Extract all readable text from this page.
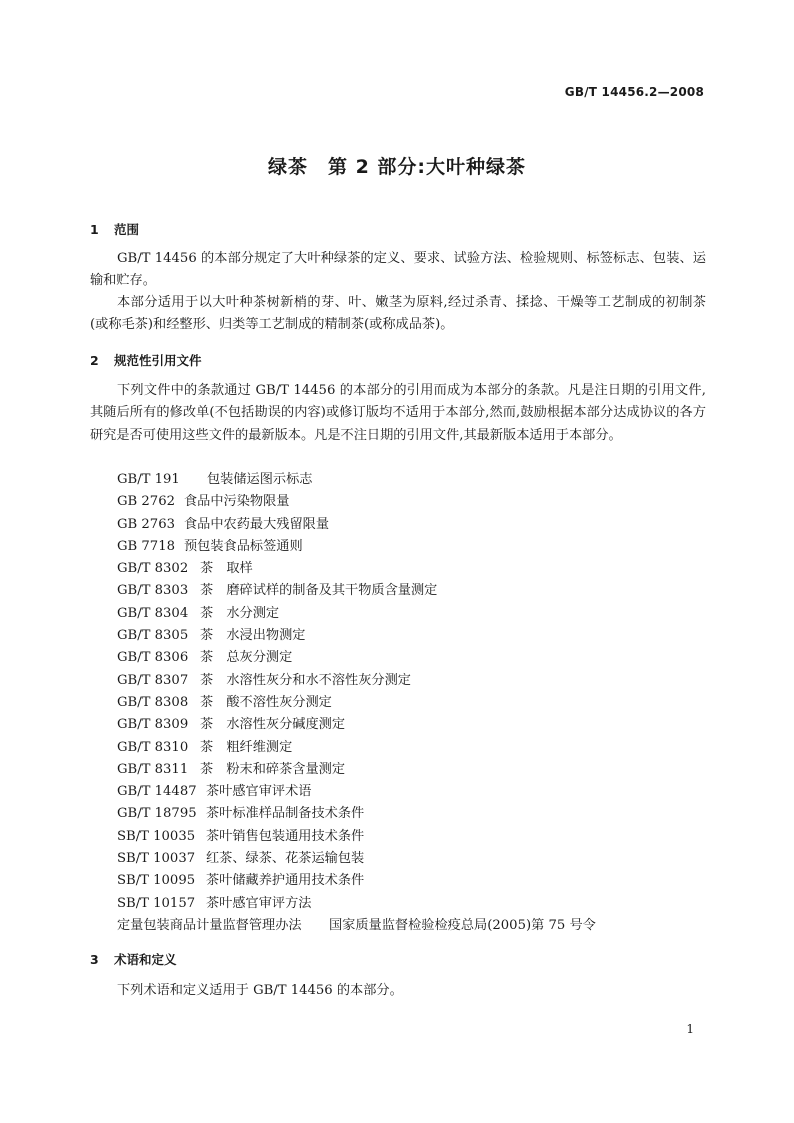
GB/T 14456.2—2008
绿茶　第 2 部分:大叶种绿茶
1 范围
GB/T 14456 的本部分规定了大叶种绿茶的定义、要求、试验方法、检验规则、标签标志、包装、运输和贮存。
本部分适用于以大叶种茶树新梢的芽、叶、嫩茎为原料,经过杀青、揉捻、干燥等工艺制成的初制茶(或称毛茶)和经整形、归类等工艺制成的精制茶(或称成品茶)。
2 规范性引用文件
下列文件中的条款通过 GB/T 14456 的本部分的引用而成为本部分的条款。凡是注日期的引用文件,其随后所有的修改单(不包括勘误的内容)或修订版均不适用于本部分,然而,鼓励根据本部分达成协议的各方研究是否可使用这些文件的最新版本。凡是不注日期的引用文件,其最新版本适用于本部分。
GB/T 191 包装储运图示标志
GB 2762 食品中污染物限量
GB 2763 食品中农药最大残留限量
GB 7718 预包装食品标签通则
GB/T 8302 茶　取样
GB/T 8303 茶　磨碎试样的制备及其干物质含量测定
GB/T 8304 茶　水分测定
GB/T 8305 茶　水浸出物测定
GB/T 8306 茶　总灰分测定
GB/T 8307 茶　水溶性灰分和水不溶性灰分测定
GB/T 8308 茶　酸不溶性灰分测定
GB/T 8309 茶　水溶性灰分碱度测定
GB/T 8310 茶　粗纤维测定
GB/T 8311 茶　粉末和碎茶含量测定
GB/T 14487 茶叶感官审评术语
GB/T 18795 茶叶标准样品制备技术条件
SB/T 10035 茶叶销售包装通用技术条件
SB/T 10037 红茶、绿茶、花茶运输包装
SB/T 10095 茶叶储藏养护通用技术条件
SB/T 10157 茶叶感官审评方法
定量包装商品计量监督管理办法 国家质量监督检验检疫总局(2005)第 75 号令
3 术语和定义
下列术语和定义适用于 GB/T 14456 的本部分。
1
